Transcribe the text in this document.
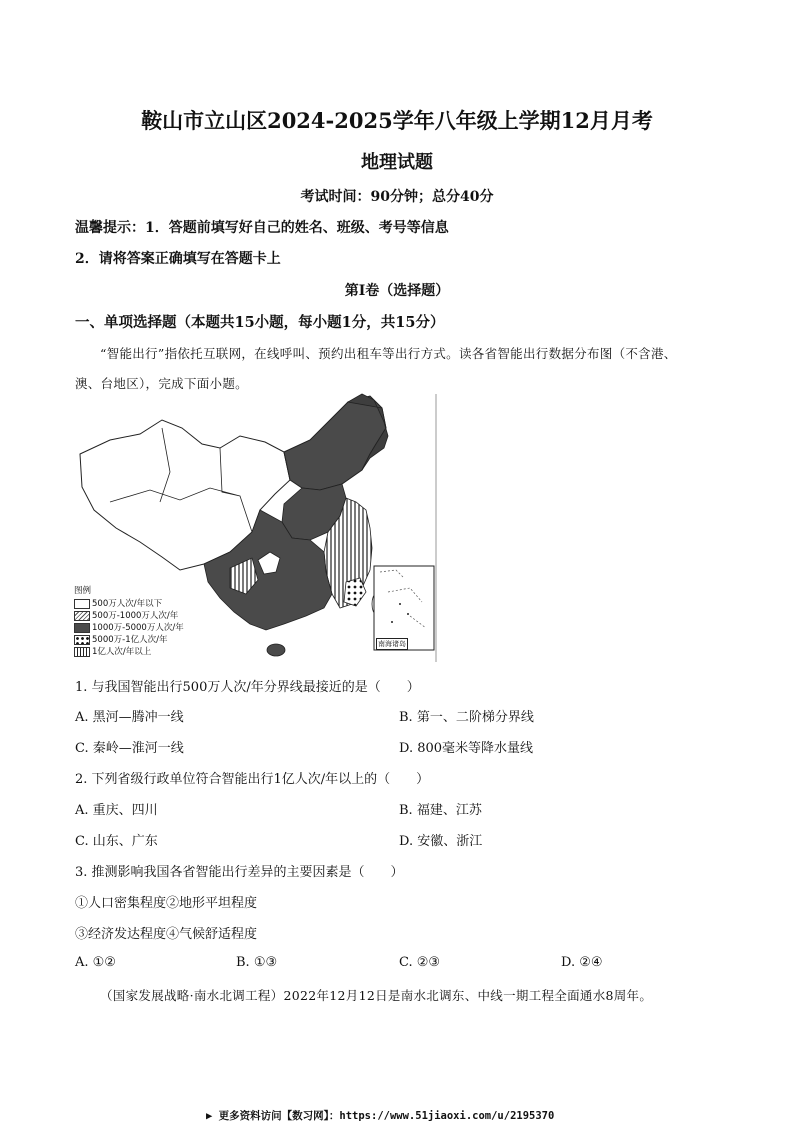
鞍山市立山区2024-2025学年八年级上学期12月月考
地理试题
考试时间：90分钟；总分40分
温馨提示：1．答题前填写好自己的姓名、班级、考号等信息
2．请将答案正确填写在答题卡上
第Ⅰ卷（选择题）
一、单项选择题（本题共15小题，每小题1分，共15分）
“智能出行”指依托互联网，在线呼叫、预约出租车等出行方式。读各省智能出行数据分布图（不含港、
澳、台地区），完成下面小题。
南海诸岛
图例
500万人次/年以下
500万-1000万人次/年
1000万-5000万人次/年
5000万-1亿人次/年
1亿人次/年以上
1. 与我国智能出行500万人次/年分界线最接近的是（　　）
A. 黑河—腾冲一线	B. 第一、二阶梯分界线
C. 秦岭—淮河一线	D. 800毫米等降水量线
2. 下列省级行政单位符合智能出行1亿人次/年以上的（　　）
A. 重庆、四川	B. 福建、江苏
C. 山东、广东	D. 安徽、浙江
3. 推测影响我国各省智能出行差异的主要因素是（　　）
①人口密集程度②地形平坦程度
③经济发达程度④气候舒适程度
A. ①②	B. ①③	C. ②③	D. ②④
（国家发展战略·南水北调工程）2022年12月12日是南水北调东、中线一期工程全面通水8周年。
▶ 更多资料访问【数习网】：https://www.51jiaoxi.com/u/2195370
